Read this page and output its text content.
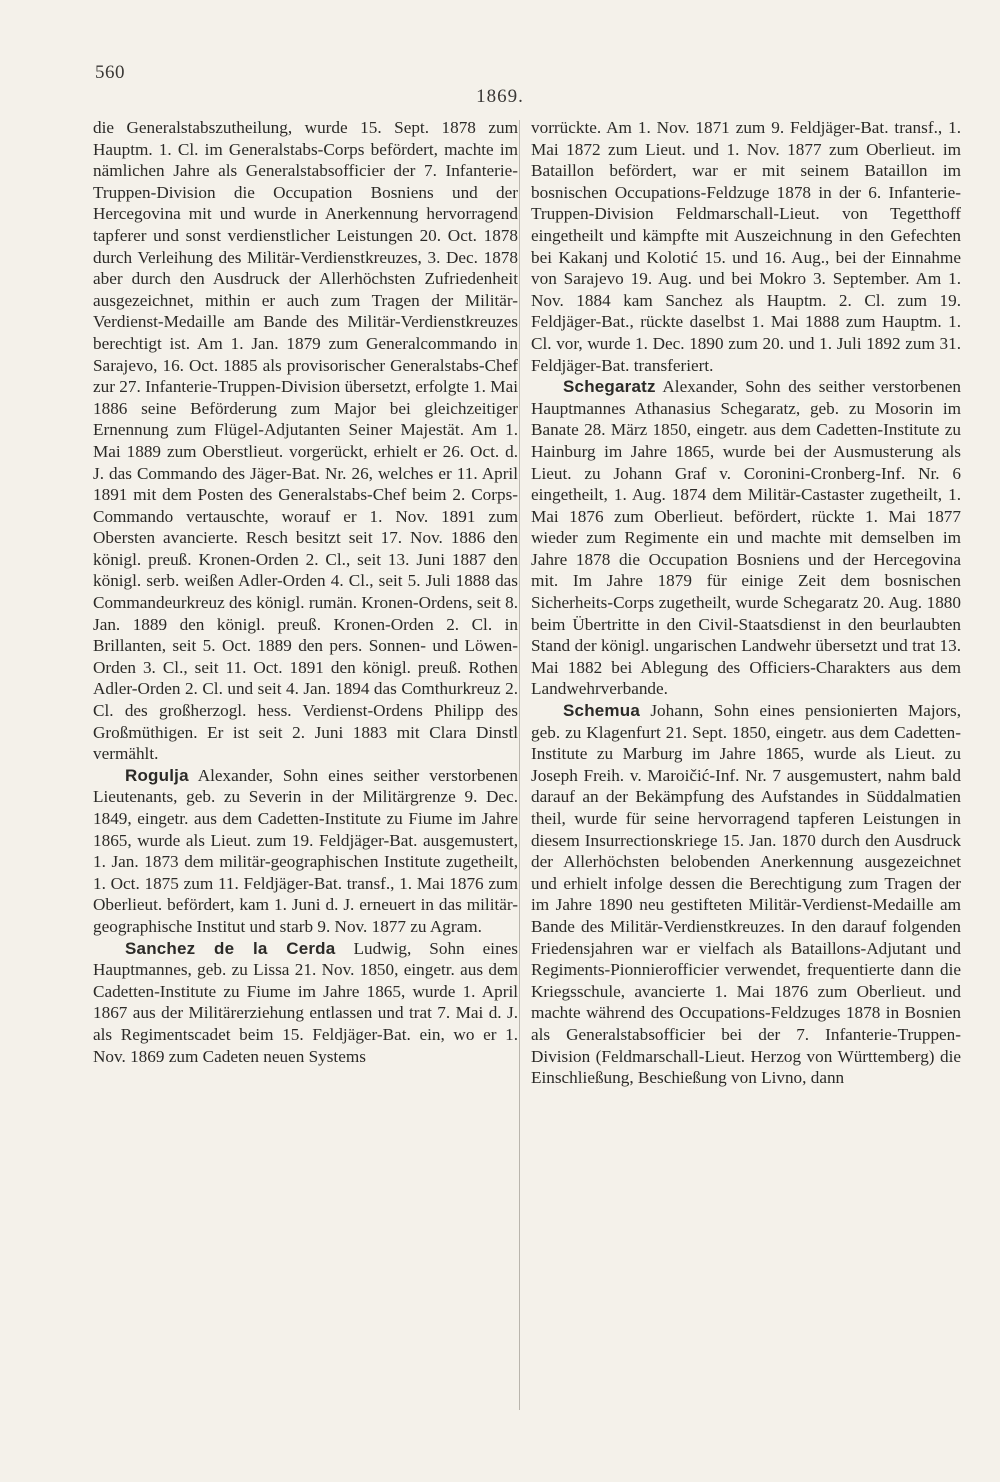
560
1869.

die Generalstabszutheilung, wurde 15. Sept. 1878 zum Hauptm. 1. Cl. im Generalstabs-Corps befördert, machte im nämlichen Jahre als Generalstabsofficier der 7. Infanterie-Truppen-Division die Occupation Bosniens und der Hercegovina mit und wurde in Anerkennung hervorragend tapferer und sonst verdienstlicher Leistungen 20. Oct. 1878 durch Verleihung des Militär-Verdienstkreuzes, 3. Dec. 1878 aber durch den Ausdruck der Allerhöchsten Zufriedenheit ausgezeichnet, mithin er auch zum Tragen der Militär-Verdienst-Medaille am Bande des Militär-Verdienstkreuzes berechtigt ist. Am 1. Jan. 1879 zum Generalcommando in Sarajevo, 16. Oct. 1885 als provisorischer Generalstabs-Chef zur 27. Infanterie-Truppen-Division übersetzt, erfolgte 1. Mai 1886 seine Beförderung zum Major bei gleichzeitiger Ernennung zum Flügel-Adjutanten Seiner Majestät. Am 1. Mai 1889 zum Oberstlieut. vorgerückt, erhielt er 26. Oct. d. J. das Commando des Jäger-Bat. Nr. 26, welches er 11. April 1891 mit dem Posten des Generalstabs-Chef beim 2. Corps-Commando vertauschte, worauf er 1. Nov. 1891 zum Obersten avancierte. Resch besitzt seit 17. Nov. 1886 den königl. preuß. Kronen-Orden 2. Cl., seit 13. Juni 1887 den königl. serb. weißen Adler-Orden 4. Cl., seit 5. Juli 1888 das Commandeurkreuz des königl. rumän. Kronen-Ordens, seit 8. Jan. 1889 den königl. preuß. Kronen-Orden 2. Cl. in Brillanten, seit 5. Oct. 1889 den pers. Sonnen- und Löwen-Orden 3. Cl., seit 11. Oct. 1891 den königl. preuß. Rothen Adler-Orden 2. Cl. und seit 4. Jan. 1894 das Comthurkreuz 2. Cl. des großherzogl. hess. Verdienst-Ordens Philipp des Großmüthigen. Er ist seit 2. Juni 1883 mit Clara Dinstl vermählt.

Rogulja Alexander, Sohn eines seither verstorbenen Lieutenants, geb. zu Severin in der Militärgrenze 9. Dec. 1849, eingetr. aus dem Cadetten-Institute zu Fiume im Jahre 1865, wurde als Lieut. zum 19. Feldjäger-Bat. ausgemustert, 1. Jan. 1873 dem militär-geographischen Institute zugetheilt, 1. Oct. 1875 zum 11. Feldjäger-Bat. transf., 1. Mai 1876 zum Oberlieut. befördert, kam 1. Juni d. J. erneuert in das militär-geographische Institut und starb 9. Nov. 1877 zu Agram.

Sanchez de la Cerda Ludwig, Sohn eines Hauptmannes, geb. zu Lissa 21. Nov. 1850, eingetr. aus dem Cadetten-Institute zu Fiume im Jahre 1865, wurde 1. April 1867 aus der Militärerziehung entlassen und trat 7. Mai d. J. als Regimentscadet beim 15. Feldjäger-Bat. ein, wo er 1. Nov. 1869 zum Cadeten neuen Systems

vorrückte. Am 1. Nov. 1871 zum 9. Feldjäger-Bat. transf., 1. Mai 1872 zum Lieut. und 1. Nov. 1877 zum Oberlieut. im Bataillon befördert, war er mit seinem Bataillon im bosnischen Occupations-Feldzuge 1878 in der 6. Infanterie-Truppen-Division Feldmarschall-Lieut. von Tegetthoff eingetheilt und kämpfte mit Auszeichnung in den Gefechten bei Kakanj und Kolotić 15. und 16. Aug., bei der Einnahme von Sarajevo 19. Aug. und bei Mokro 3. September. Am 1. Nov. 1884 kam Sanchez als Hauptm. 2. Cl. zum 19. Feldjäger-Bat., rückte daselbst 1. Mai 1888 zum Hauptm. 1. Cl. vor, wurde 1. Dec. 1890 zum 20. und 1. Juli 1892 zum 31. Feldjäger-Bat. transferiert.

Schegaratz Alexander, Sohn des seither verstorbenen Hauptmannes Athanasius Schegaratz, geb. zu Mosorin im Banate 28. März 1850, eingetr. aus dem Cadetten-Institute zu Hainburg im Jahre 1865, wurde bei der Ausmusterung als Lieut. zu Johann Graf v. Coronini-Cronberg-Inf. Nr. 6 eingetheilt, 1. Aug. 1874 dem Militär-Castaster zugetheilt, 1. Mai 1876 zum Oberlieut. befördert, rückte 1. Mai 1877 wieder zum Regimente ein und machte mit demselben im Jahre 1878 die Occupation Bosniens und der Hercegovina mit. Im Jahre 1879 für einige Zeit dem bosnischen Sicherheits-Corps zugetheilt, wurde Schegaratz 20. Aug. 1880 beim Übertritte in den Civil-Staatsdienst in den beurlaubten Stand der königl. ungarischen Landwehr übersetzt und trat 13. Mai 1882 bei Ablegung des Officiers-Charakters aus dem Landwehrverbande.

Schemua Johann, Sohn eines pensionierten Majors, geb. zu Klagenfurt 21. Sept. 1850, eingetr. aus dem Cadetten-Institute zu Marburg im Jahre 1865, wurde als Lieut. zu Joseph Freih. v. Maroičić-Inf. Nr. 7 ausgemustert, nahm bald darauf an der Bekämpfung des Aufstandes in Süddalmatien theil, wurde für seine hervorragend tapferen Leistungen in diesem Insurrectionskriege 15. Jan. 1870 durch den Ausdruck der Allerhöchsten belobenden Anerkennung ausgezeichnet und erhielt infolge dessen die Berechtigung zum Tragen der im Jahre 1890 neu gestifteten Militär-Verdienst-Medaille am Bande des Militär-Verdienstkreuzes. In den darauf folgenden Friedensjahren war er vielfach als Bataillons-Adjutant und Regiments-Pionnierofficier verwendet, frequentierte dann die Kriegsschule, avancierte 1. Mai 1876 zum Oberlieut. und machte während des Occupations-Feldzuges 1878 in Bosnien als Generalstabsofficier bei der 7. Infanterie-Truppen-Division (Feldmarschall-Lieut. Herzog von Württemberg) die Einschließung, Beschießung von Livno, dann
